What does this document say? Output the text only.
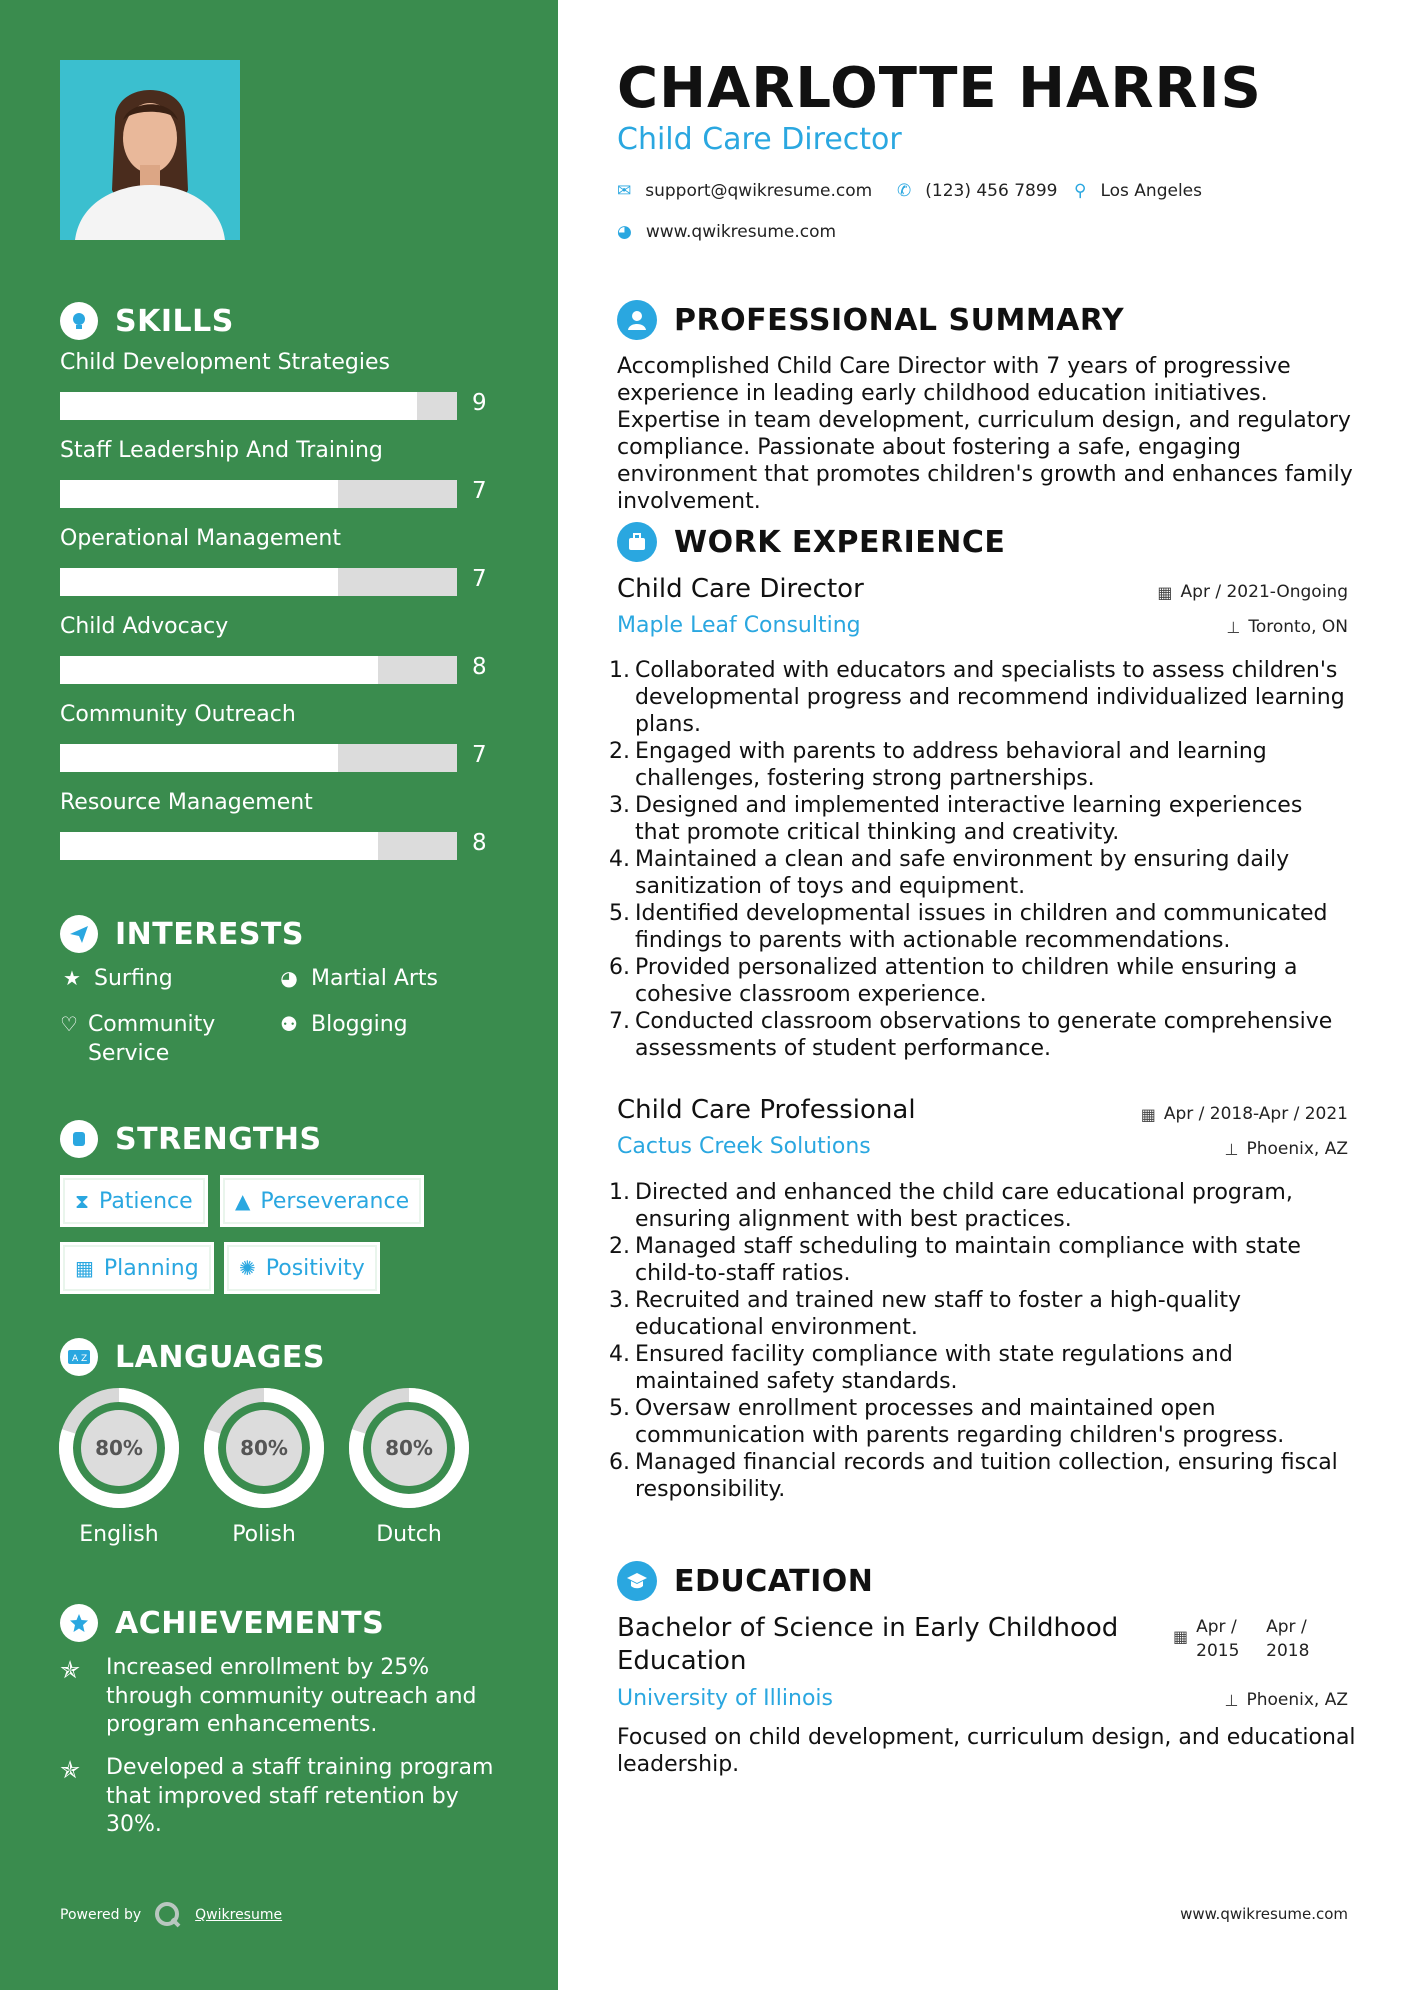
SKILLS
Child Development Strategies
9
Staff Leadership And Training
7
Operational Management
7
Child Advocacy
8
Community Outreach
7
Resource Management
8
INTERESTS
★ Surfing	◕ Martial Arts
♡ Community Service
⚉ Blogging
STRENGTHS
⧗ Patience ▲ Perseverance
▦ Planning ✺ Positivity
A Z LANGUAGES
80%
English
80%
Polish
80%
Dutch
ACHIEVEMENTS
✯	Increased enrollment by 25% through community outreach and program enhancements.
✯	Developed a staff training program that improved staff retention by 30%.
Powered by	Qwikresume
CHARLOTTE HARRIS
Child Care Director
✉ support@qwikresume.com ✆ (123) 456 7899 ⚲ Los Angeles
◕ www.qwikresume.com
PROFESSIONAL SUMMARY
Accomplished Child Care Director with 7 years of progressive experience in leading early childhood education initiatives. Expertise in team development, curriculum design, and regulatory compliance. Passionate about fostering a safe, engaging environment that promotes children's growth and enhances family involvement.
WORK EXPERIENCE
Child Care Director	▦ Apr / 2021-Ongoing
Maple Leaf Consulting	⊥ Toronto, ON
1. Collaborated with educators and specialists to assess children's developmental progress and recommend individualized learning plans.
2. Engaged with parents to address behavioral and learning challenges, fostering strong partnerships.
3. Designed and implemented interactive learning experiences that promote critical thinking and creativity.
4. Maintained a clean and safe environment by ensuring daily sanitization of toys and equipment.
5. Identified developmental issues in children and communicated findings to parents with actionable recommendations.
6. Provided personalized attention to children while ensuring a cohesive classroom experience.
7. Conducted classroom observations to generate comprehensive assessments of student performance.
Child Care Professional	▦ Apr / 2018-Apr / 2021
Cactus Creek Solutions	⊥ Phoenix, AZ
1. Directed and enhanced the child care educational program, ensuring alignment with best practices.
2. Managed staff scheduling to maintain compliance with state child-to-staff ratios.
3. Recruited and trained new staff to foster a high-quality educational environment.
4. Ensured facility compliance with state regulations and maintained safety standards.
5. Oversaw enrollment processes and maintained open communication with parents regarding children's progress.
6. Managed financial records and tuition collection, ensuring fiscal responsibility.
EDUCATION
Bachelor of Science in Early Childhood Education
▦ Apr / 2015
Apr / 2018
University of Illinois	⊥ Phoenix, AZ
Focused on child development, curriculum design, and educational leadership.
www.qwikresume.com
